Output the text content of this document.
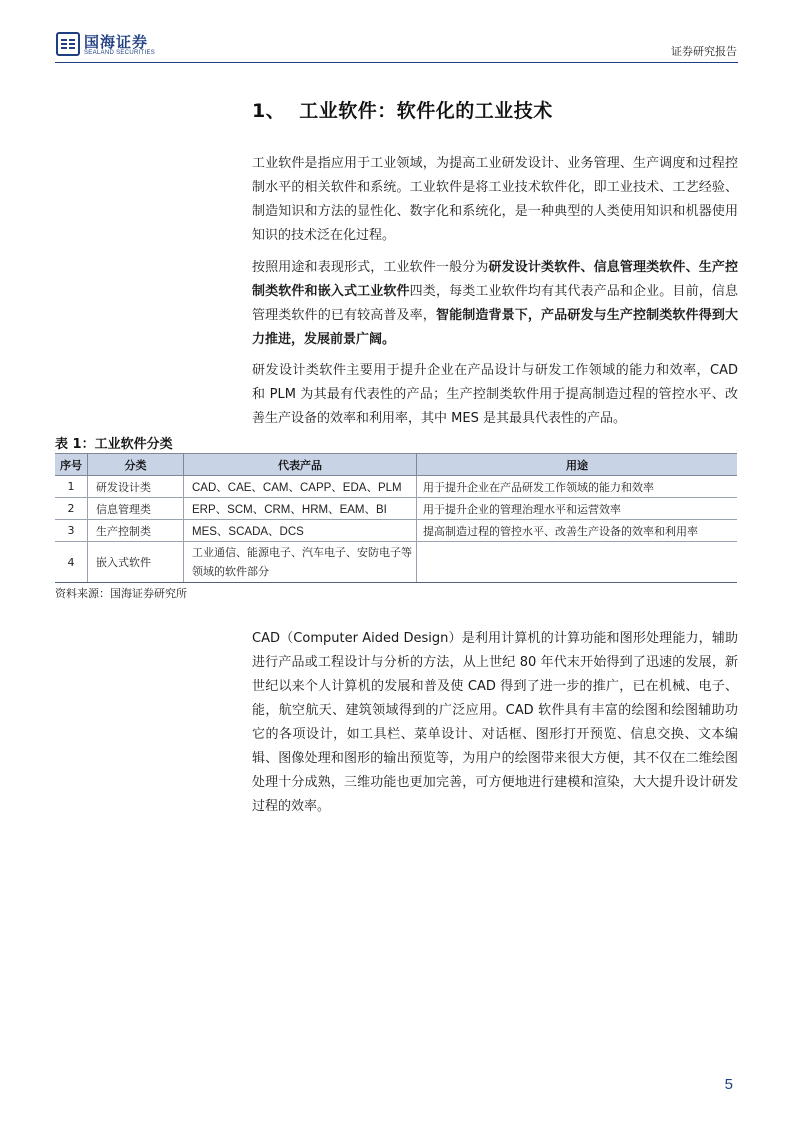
国海证券
SEALAND SECURITIES	证券研究报告
1、 工业软件：软件化的工业技术

工业软件是指应用于工业领域，为提高工业研发设计、业务管理、生产调度和过程控制水平的相关软件和系统。工业软件是将工业技术软件化，即工业技术、工艺经验、制造知识和方法的显性化、数字化和系统化，是一种典型的人类使用知识和机器使用知识的技术泛在化过程。

按照用途和表现形式，工业软件一般分为研发设计类软件、信息管理类软件、生产控制类软件和嵌入式工业软件四类，每类工业软件均有其代表产品和企业。目前，信息管理类软件的已有较高普及率，智能制造背景下，产品研发与生产控制类软件得到大力推进，发展前景广阔。

研发设计类软件主要用于提升企业在产品设计与研发工作领域的能力和效率，CAD 和 PLM 为其最有代表性的产品；生产控制类软件用于提高制造过程的管控水平、改善生产设备的效率和利用率，其中 MES 是其最具代表性的产品。

表 1：工业软件分类
序号	分类	代表产品	用途
1	研发设计类	CAD、CAE、CAM、CAPP、EDA、PLM	用于提升企业在产品研发工作领域的能力和效率
2	信息管理类	ERP、SCM、CRM、HRM、EAM、BI	用于提升企业的管理治理水平和运营效率
3	生产控制类	MES、SCADA、DCS	提高制造过程的管控水平、改善生产设备的效率和利用率
4	嵌入式软件	工业通信、能源电子、汽车电子、安防电子等领域的软件部分	

资料来源：国海证券研究所

CAD（Computer Aided Design）是利用计算机的计算功能和图形处理能力，辅助进行产品或工程设计与分析的方法，从上世纪 80 年代末开始得到了迅速的发展，新世纪以来个人计算机的发展和普及使 CAD 得到了进一步的推广，已在机械、电子、能，航空航天、建筑领域得到的广泛应用。CAD 软件具有丰富的绘图和绘图辅助功它的各项设计，如工具栏、菜单设计、对话框、图形打开预览、信息交换、文本编辑、图像处理和图形的输出预览等，为用户的绘图带来很大方便，其不仅在二维绘图处理十分成熟，三维功能也更加完善，可方便地进行建模和渲染，大大提升设计研发过程的效率。

5
